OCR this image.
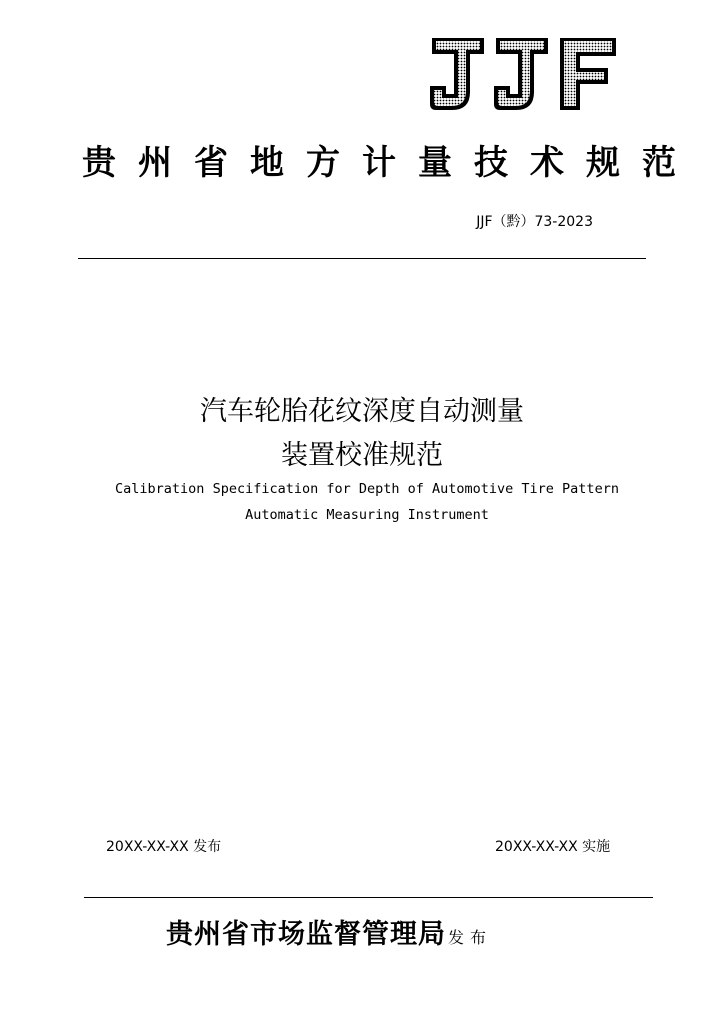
贵州省地方计量技术规范
JJF（黔）73-2023
汽车轮胎花纹深度自动测量
装置校准规范
Calibration Specification for Depth of Automotive Tire Pattern
Automatic Measuring Instrument
20XX-XX-XX 发布	20XX-XX-XX 实施
贵州省市场监督管理局 发布
